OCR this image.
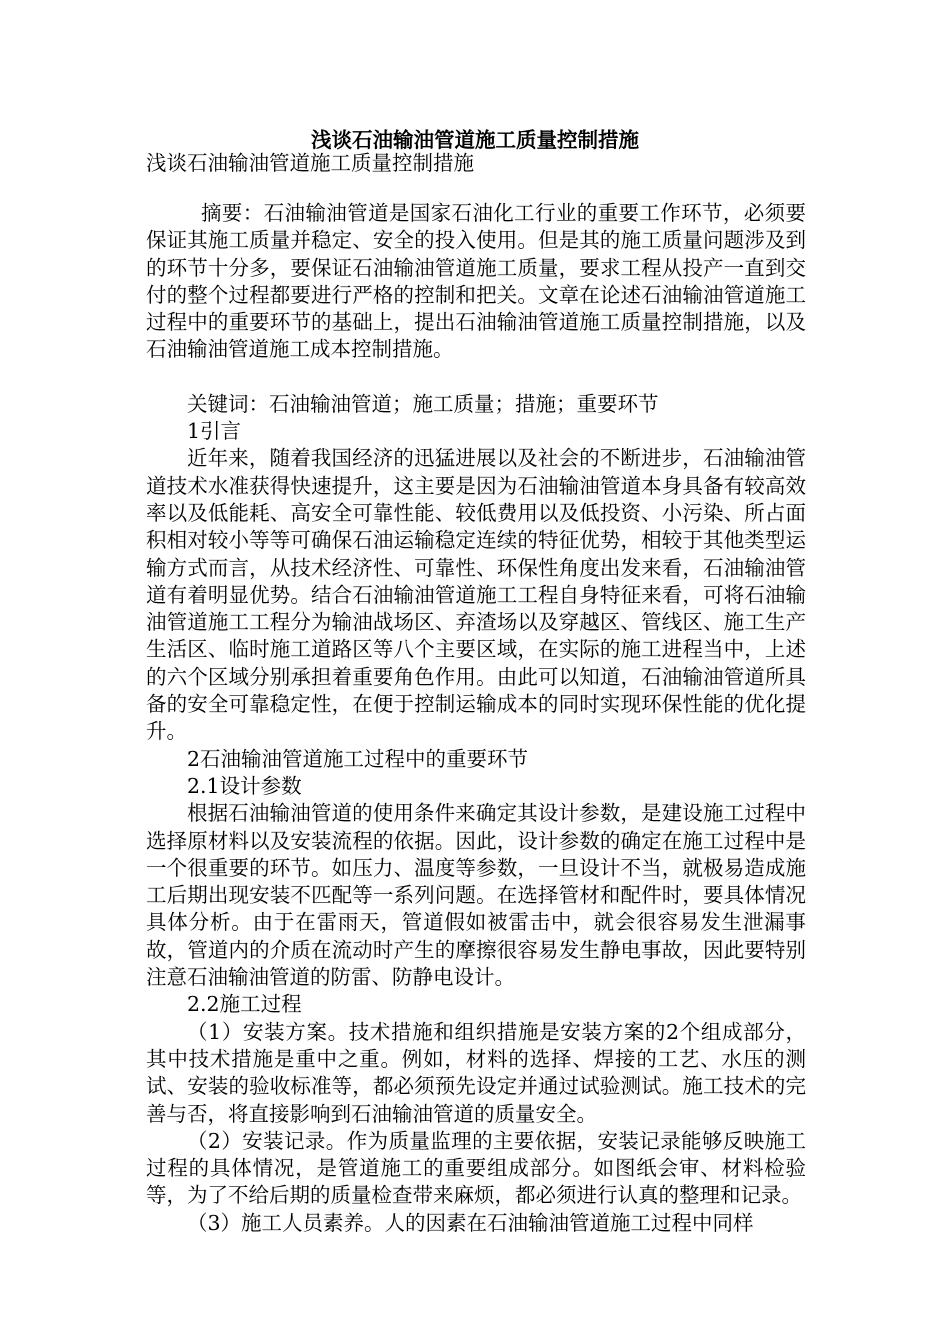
浅谈石油输油管道施工质量控制措施
浅谈石油输油管道施工质量控制措施

摘要：石油输油管道是国家石油化工行业的重要工作环节，必须要保证其施工质量并稳定、安全的投入使用。但是其的施工质量问题涉及到的环节十分多，要保证石油输油管道施工质量，要求工程从投产一直到交付的整个过程都要进行严格的控制和把关。文章在论述石油输油管道施工过程中的重要环节的基础上，提出石油输油管道施工质量控制措施，以及石油输油管道施工成本控制措施。

关键词：石油输油管道；施工质量；措施；重要环节

1引言

近年来，随着我国经济的迅猛进展以及社会的不断进步，石油输油管道技术水准获得快速提升，这主要是因为石油输油管道本身具备有较高效率以及低能耗、高安全可靠性能、较低费用以及低投资、小污染、所占面积相对较小等等可确保石油运输稳定连续的特征优势，相较于其他类型运输方式而言，从技术经济性、可靠性、环保性角度出发来看，石油输油管道有着明显优势。结合石油输油管道施工工程自身特征来看，可将石油输油管道施工工程分为输油战场区、弃渣场以及穿越区、管线区、施工生产生活区、临时施工道路区等八个主要区域，在实际的施工进程当中，上述的六个区域分别承担着重要角色作用。由此可以知道，石油输油管道所具备的安全可靠稳定性，在便于控制运输成本的同时实现环保性能的优化提升。

2石油输油管道施工过程中的重要环节

2.1设计参数

根据石油输油管道的使用条件来确定其设计参数，是建设施工过程中选择原材料以及安装流程的依据。因此，设计参数的确定在施工过程中是一个很重要的环节。如压力、温度等参数，一旦设计不当，就极易造成施工后期出现安装不匹配等一系列问题。在选择管材和配件时，要具体情况具体分析。由于在雷雨天，管道假如被雷击中，就会很容易发生泄漏事故，管道内的介质在流动时产生的摩擦很容易发生静电事故，因此要特别注意石油输油管道的防雷、防静电设计。

2.2施工过程

（1）安装方案。技术措施和组织措施是安装方案的2个组成部分，其中技术措施是重中之重。例如，材料的选择、焊接的工艺、水压的测试、安装的验收标准等，都必须预先设定并通过试验测试。施工技术的完善与否，将直接影响到石油输油管道的质量安全。

（2）安装记录。作为质量监理的主要依据，安装记录能够反映施工过程的具体情况，是管道施工的重要组成部分。如图纸会审、材料检验等，为了不给后期的质量检查带来麻烦，都必须进行认真的整理和记录。

（3）施工人员素养。人的因素在石油输油管道施工过程中同样
